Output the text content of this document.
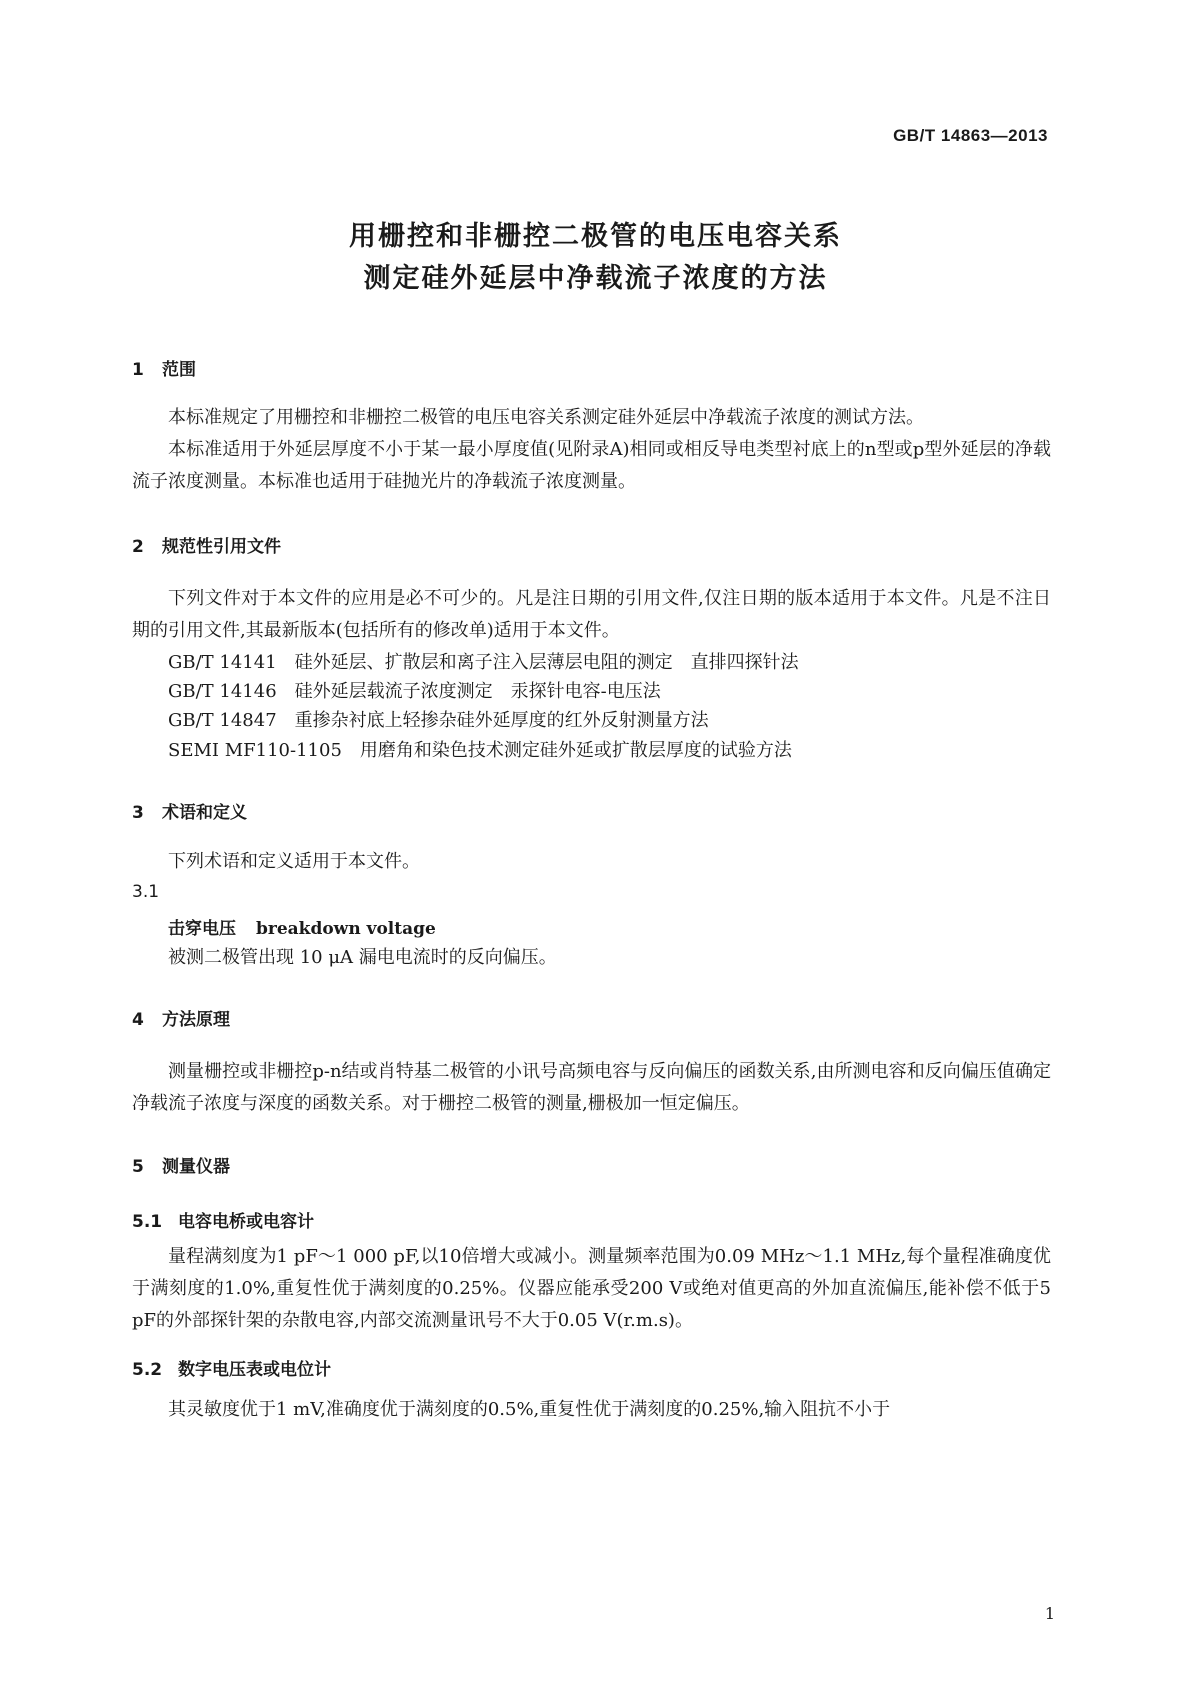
GB/T 14863—2013
用栅控和非栅控二极管的电压电容关系
测定硅外延层中净载流子浓度的方法
1 范围
本标准规定了用栅控和非栅控二极管的电压电容关系测定硅外延层中净载流子浓度的测试方法。
本标准适用于外延层厚度不小于某一最小厚度值(见附录A)相同或相反导电类型衬底上的n型或p型外延层的净载流子浓度测量。本标准也适用于硅抛光片的净载流子浓度测量。
2 规范性引用文件
下列文件对于本文件的应用是必不可少的。凡是注日期的引用文件,仅注日期的版本适用于本文件。凡是不注日期的引用文件,其最新版本(包括所有的修改单)适用于本文件。
GB/T 14141 硅外延层、扩散层和离子注入层薄层电阻的测定　直排四探针法
GB/T 14146 硅外延层载流子浓度测定　汞探针电容-电压法
GB/T 14847 重掺杂衬底上轻掺杂硅外延厚度的红外反射测量方法
SEMI MF110-1105 用磨角和染色技术测定硅外延或扩散层厚度的试验方法
3 术语和定义
下列术语和定义适用于本文件。
3.1
击穿电压 breakdown voltage
被测二极管出现 10 μA 漏电电流时的反向偏压。
4 方法原理
测量栅控或非栅控p-n结或肖特基二极管的小讯号高频电容与反向偏压的函数关系,由所测电容和反向偏压值确定净载流子浓度与深度的函数关系。对于栅控二极管的测量,栅极加一恒定偏压。
5 测量仪器
5.1 电容电桥或电容计
量程满刻度为1 pF～1 000 pF,以10倍增大或减小。测量频率范围为0.09 MHz～1.1 MHz,每个量程准确度优于满刻度的1.0%,重复性优于满刻度的0.25%。仪器应能承受200 V或绝对值更高的外加直流偏压,能补偿不低于5 pF的外部探针架的杂散电容,内部交流测量讯号不大于0.05 V(r.m.s)。
5.2 数字电压表或电位计
其灵敏度优于1 mV,准确度优于满刻度的0.5%,重复性优于满刻度的0.25%,输入阻抗不小于
1
